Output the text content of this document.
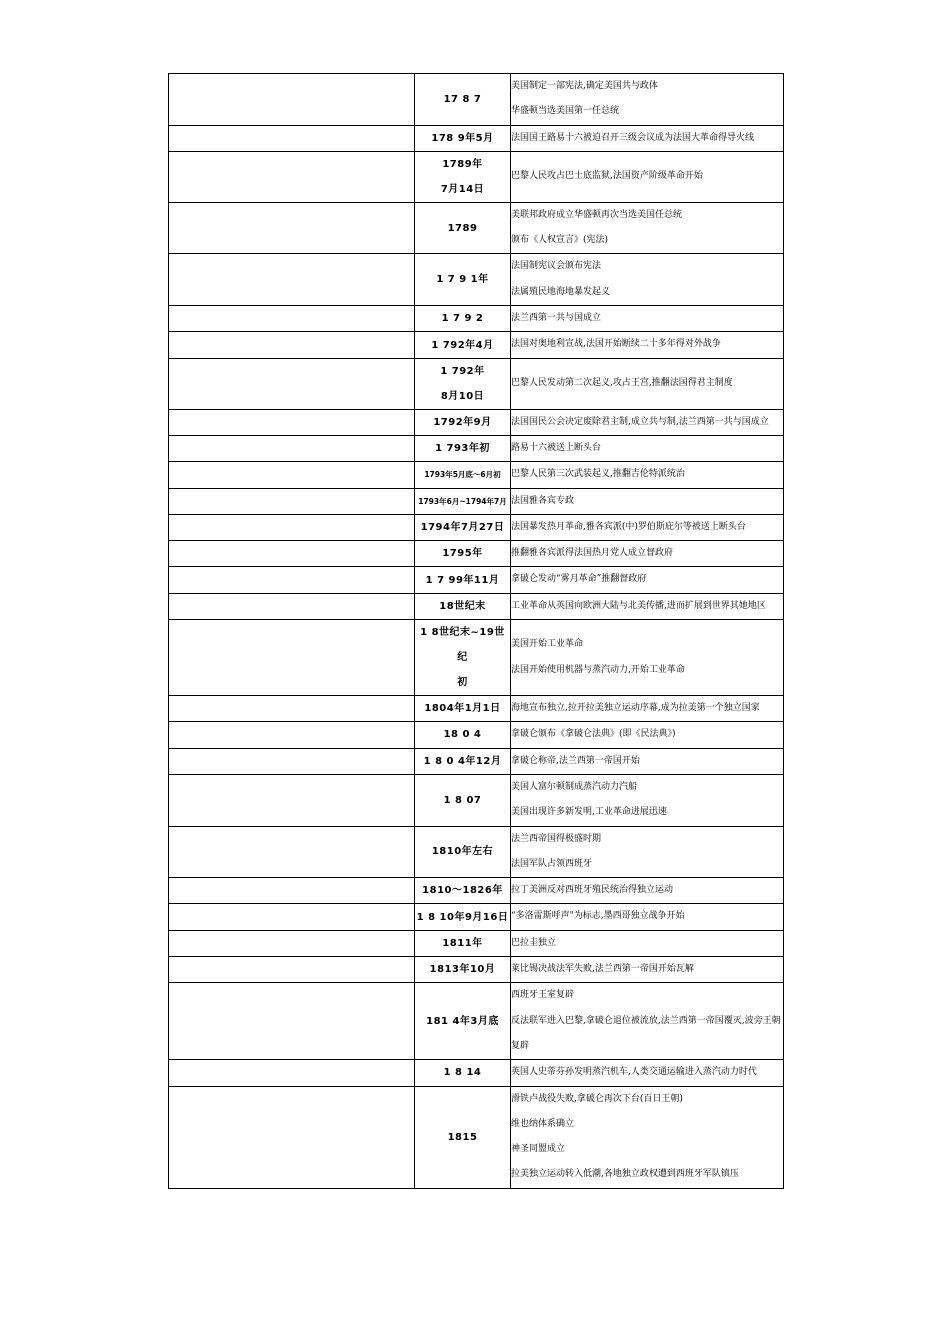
	17 8 7	美国制定一部宪法,确定美国共与政体
华盛顿当选美国第一任总统

	178 9年5月	法国国王路易十六被迫召开三级会议成为法国大革命得导火线

	1789年
7月14日	巴黎人民攻占巴士底监狱,法国资产阶级革命开始

	1789	美联邦政府成立华盛顿再次当选美国任总统
颁布《人权宣言》(宪法)

	1 7 9 1年	法国制宪议会颁布宪法
法属殖民地海地暴发起义

	1 7 9 2	法兰西第一共与国成立

	1 792年4月	法国对奥地利宣战,法国开始断续二十多年得对外战争

	1 792年
8月10日	巴黎人民发动第二次起义,攻占王宫,推翻法国得君主制度

	1792年9月	法国国民公会决定废除君主制,成立共与制,法兰西第一共与国成立

	1 793年初	路易十六被送上断头台

	1793年5月底～6月初	巴黎人民第三次武装起义,推翻吉伦特派统治

	1793年6月~1794年7月	法国雅各宾专政

	1794年7月27日	法国暴发热月革命,雅各宾派(中)罗伯斯庇尔等被送上断头台

	1795年	推翻雅各宾派得法国热月党人成立督政府

	1 7 99年11月	拿破仑发动“雾月革命”推翻督政府

	18世纪末	工业革命从英国向欧洲大陆与北美传播,进而扩展到世界其她地区

	1 8世纪末~19世纪
初	美国开始工业革命
法国开始使用机器与蒸汽动力,开始工业革命

	1804年1月1日	海地宣布独立,拉开拉美独立运动序幕,成为拉美第一个独立国家

	18 0 4	拿破仑颁布《拿破仑法典》(即《民法典》)

	1 8 0 4年12月	拿破仑称帝,法兰西第一帝国开始

	1 8 07	美国人富尔顿制成蒸汽动力汽船
美国出现许多新发明,工业革命进展迅速

	1810年左右	法兰西帝国得极盛时期
法国军队占领西班牙

	1810～1826年	拉丁美洲反对西班牙殖民统治得独立运动

	1 8 10年9月16日	“多洛雷斯呼声"为标志,墨西哥独立战争开始

	1811年	巴拉圭独立

	1813年10月	莱比锡决战法军失败,法兰西第一帝国开始瓦解

	181 4年3月底	西班牙王室复辟
反法联军进入巴黎,拿破仑退位被流放,法兰西第一帝国覆灭,波旁王朝复辟

	1 8 14	英国人史蒂芬孙发明蒸汽机车,人类交通运输进入蒸汽动力时代

	1815	滑铁卢战役失败,拿破仑再次下台(百日王朝)
维也纳体系确立
神圣同盟成立
拉美独立运动转入低潮,各地独立政权遭到西班牙军队镇压
